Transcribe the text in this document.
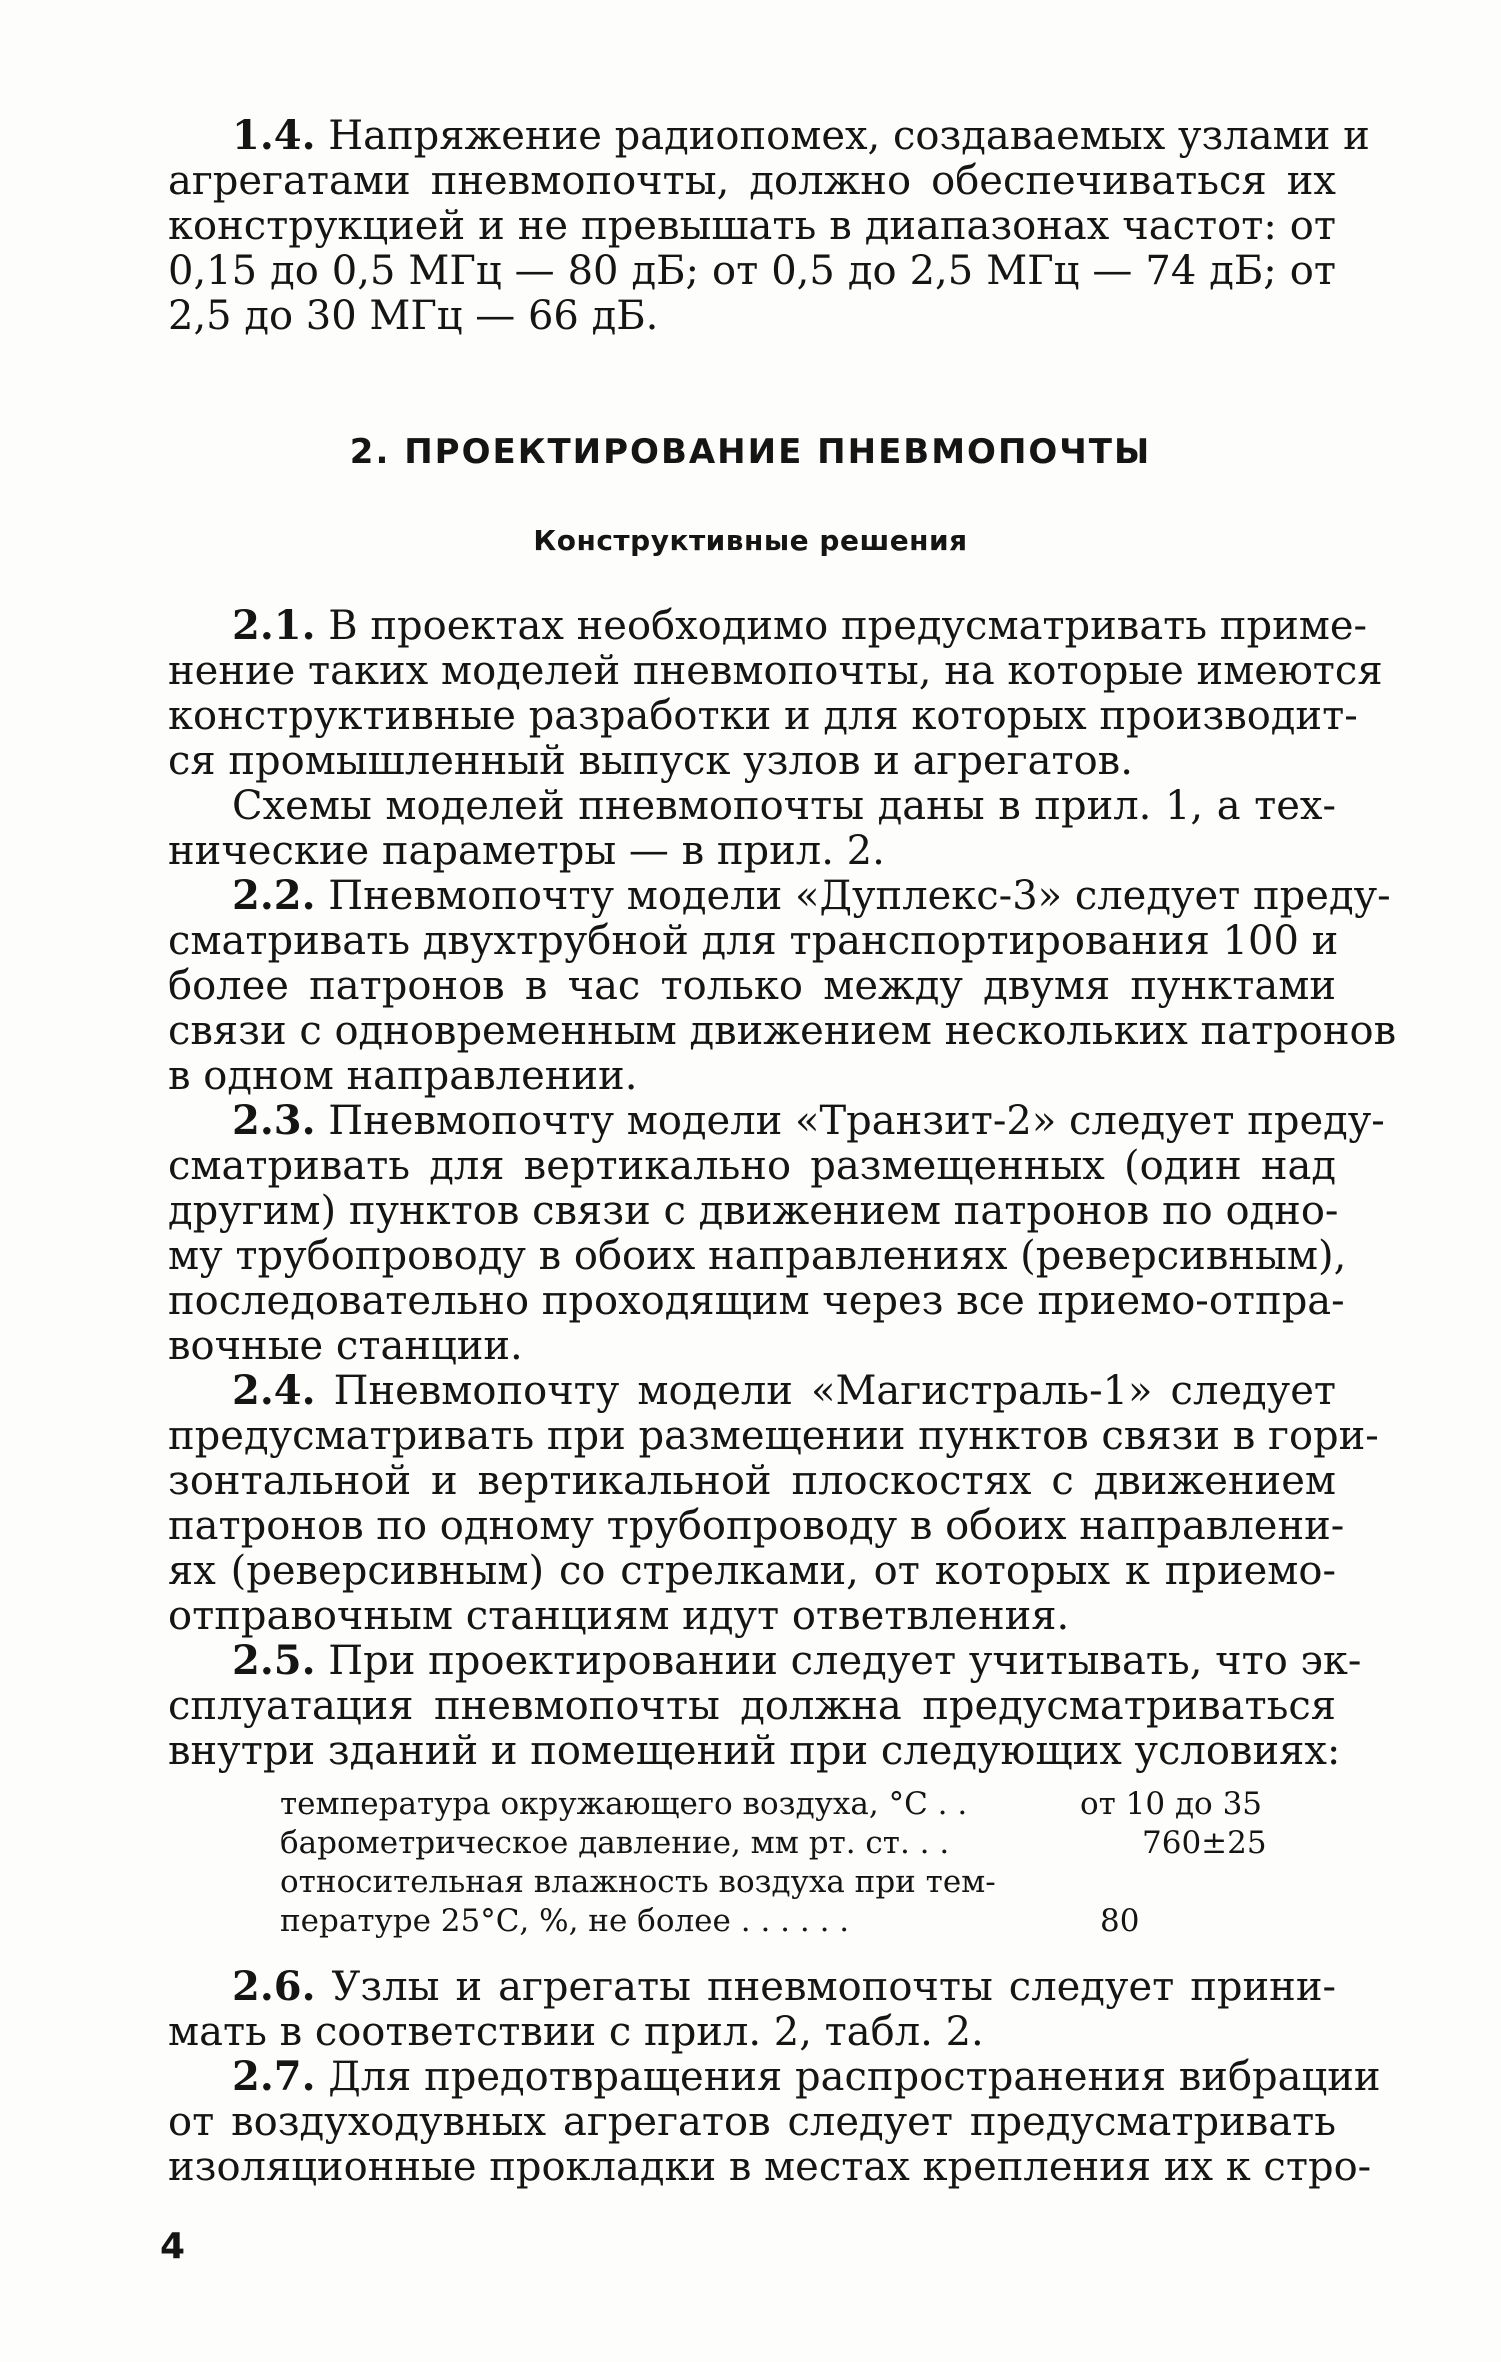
1.4. Напряжение радиопомех, создаваемых узлами и
агрегатами пневмопочты, должно обеспечиваться их
конструкцией и не превышать в диапазонах частот: от
0,15 до 0,5 МГц — 80 дБ; от 0,5 до 2,5 МГц — 74 дБ; от
2,5 до 30 МГц — 66 дБ.
2. ПРОЕКТИРОВАНИЕ ПНЕВМОПОЧТЫ
Конструктивные решения
2.1. В проектах необходимо предусматривать приме-
нение таких моделей пневмопочты, на которые имеются
конструктивные разработки и для которых производит-
ся промышленный выпуск узлов и агрегатов.
Схемы моделей пневмопочты даны в прил. 1, а тех-
нические параметры — в прил. 2.
2.2. Пневмопочту модели «Дуплекс-3» следует преду-
сматривать двухтрубной для транспортирования 100 и
более патронов в час только между двумя пунктами
связи с одновременным движением нескольких патронов
в одном направлении.
2.3. Пневмопочту модели «Транзит-2» следует преду-
сматривать для вертикально размещенных (один над
другим) пунктов связи с движением патронов по одно-
му трубопроводу в обоих направлениях (реверсивным),
последовательно проходящим через все приемо-отпра-
вочные станции.
2.4. Пневмопочту модели «Магистраль-1» следует
предусматривать при размещении пунктов связи в гори-
зонтальной и вертикальной плоскостях с движением
патронов по одному трубопроводу в обоих направлени-
ях (реверсивным) со стрелками, от которых к приемо-
отправочным станциям идут ответвления.
2.5. При проектировании следует учитывать, что эк-
сплуатация пневмопочты должна предусматриваться
внутри зданий и помещений при следующих условиях:
температура окружающего воздуха, °С . .	от 10 до 35
барометрическое давление, мм рт. ст. . .	760±25
относительная влажность воздуха при тем-
пературе 25°С, %, не более . . . . . .	80
2.6. Узлы и агрегаты пневмопочты следует прини-
мать в соответствии с прил. 2, табл. 2.
2.7. Для предотвращения распространения вибрации
от воздуходувных агрегатов следует предусматривать
изоляционные прокладки в местах крепления их к стро-
4
